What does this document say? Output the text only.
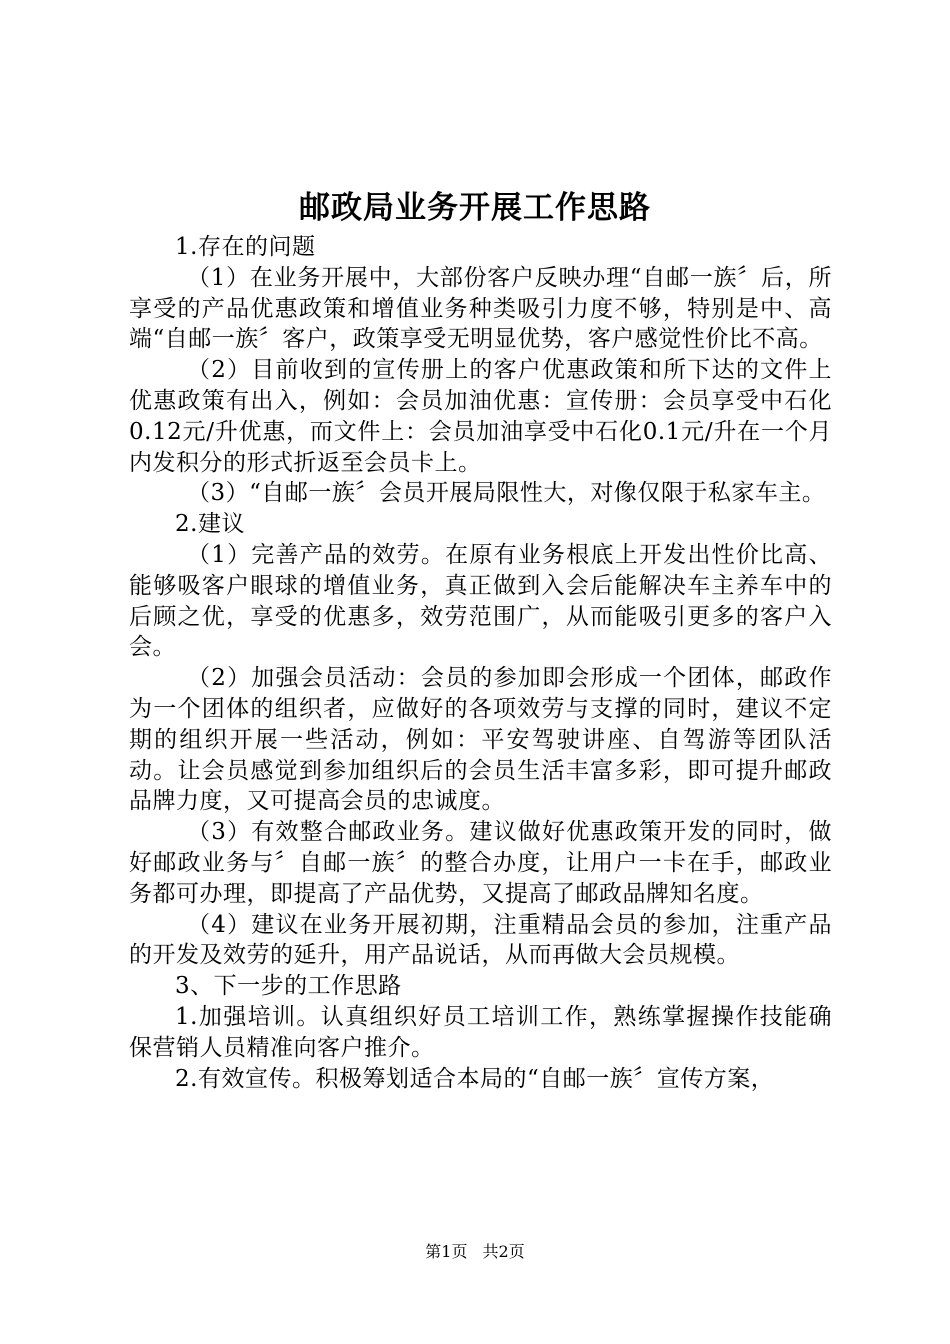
邮政局业务开展工作思路

1.存在的问题

（1）在业务开展中，大部份客户反映办理“自邮一族〞后，所享受的产品优惠政策和增值业务种类吸引力度不够，特别是中、高端“自邮一族〞客户，政策享受无明显优势，客户感觉性价比不高。

（2）目前收到的宣传册上的客户优惠政策和所下达的文件上优惠政策有出入，例如：会员加油优惠：宣传册：会员享受中石化0.12元/升优惠，而文件上：会员加油享受中石化0.1元/升在一个月内发积分的形式折返至会员卡上。

（3）“自邮一族〞会员开展局限性大，对像仅限于私家车主。

2.建议

（1）完善产品的效劳。在原有业务根底上开发出性价比高、能够吸客户眼球的增值业务，真正做到入会后能解决车主养车中的后顾之优，享受的优惠多，效劳范围广，从而能吸引更多的客户入会。

（2）加强会员活动：会员的参加即会形成一个团体，邮政作为一个团体的组织者，应做好的各项效劳与支撑的同时，建议不定期的组织开展一些活动，例如：平安驾驶讲座、自驾游等团队活动。让会员感觉到参加组织后的会员生活丰富多彩，即可提升邮政品牌力度，又可提高会员的忠诚度。

（3）有效整合邮政业务。建议做好优惠政策开发的同时，做好邮政业务与〞自邮一族〞的整合办度，让用户一卡在手，邮政业务都可办理，即提高了产品优势，又提高了邮政品牌知名度。

（4）建议在业务开展初期，注重精品会员的参加，注重产品的开发及效劳的延升，用产品说话，从而再做大会员规模。

3、下一步的工作思路

1.加强培训。认真组织好员工培训工作，熟练掌握操作技能确保营销人员精准向客户推介。

2.有效宣传。积极筹划适合本局的“自邮一族〞宣传方案，

第1页 共2页
